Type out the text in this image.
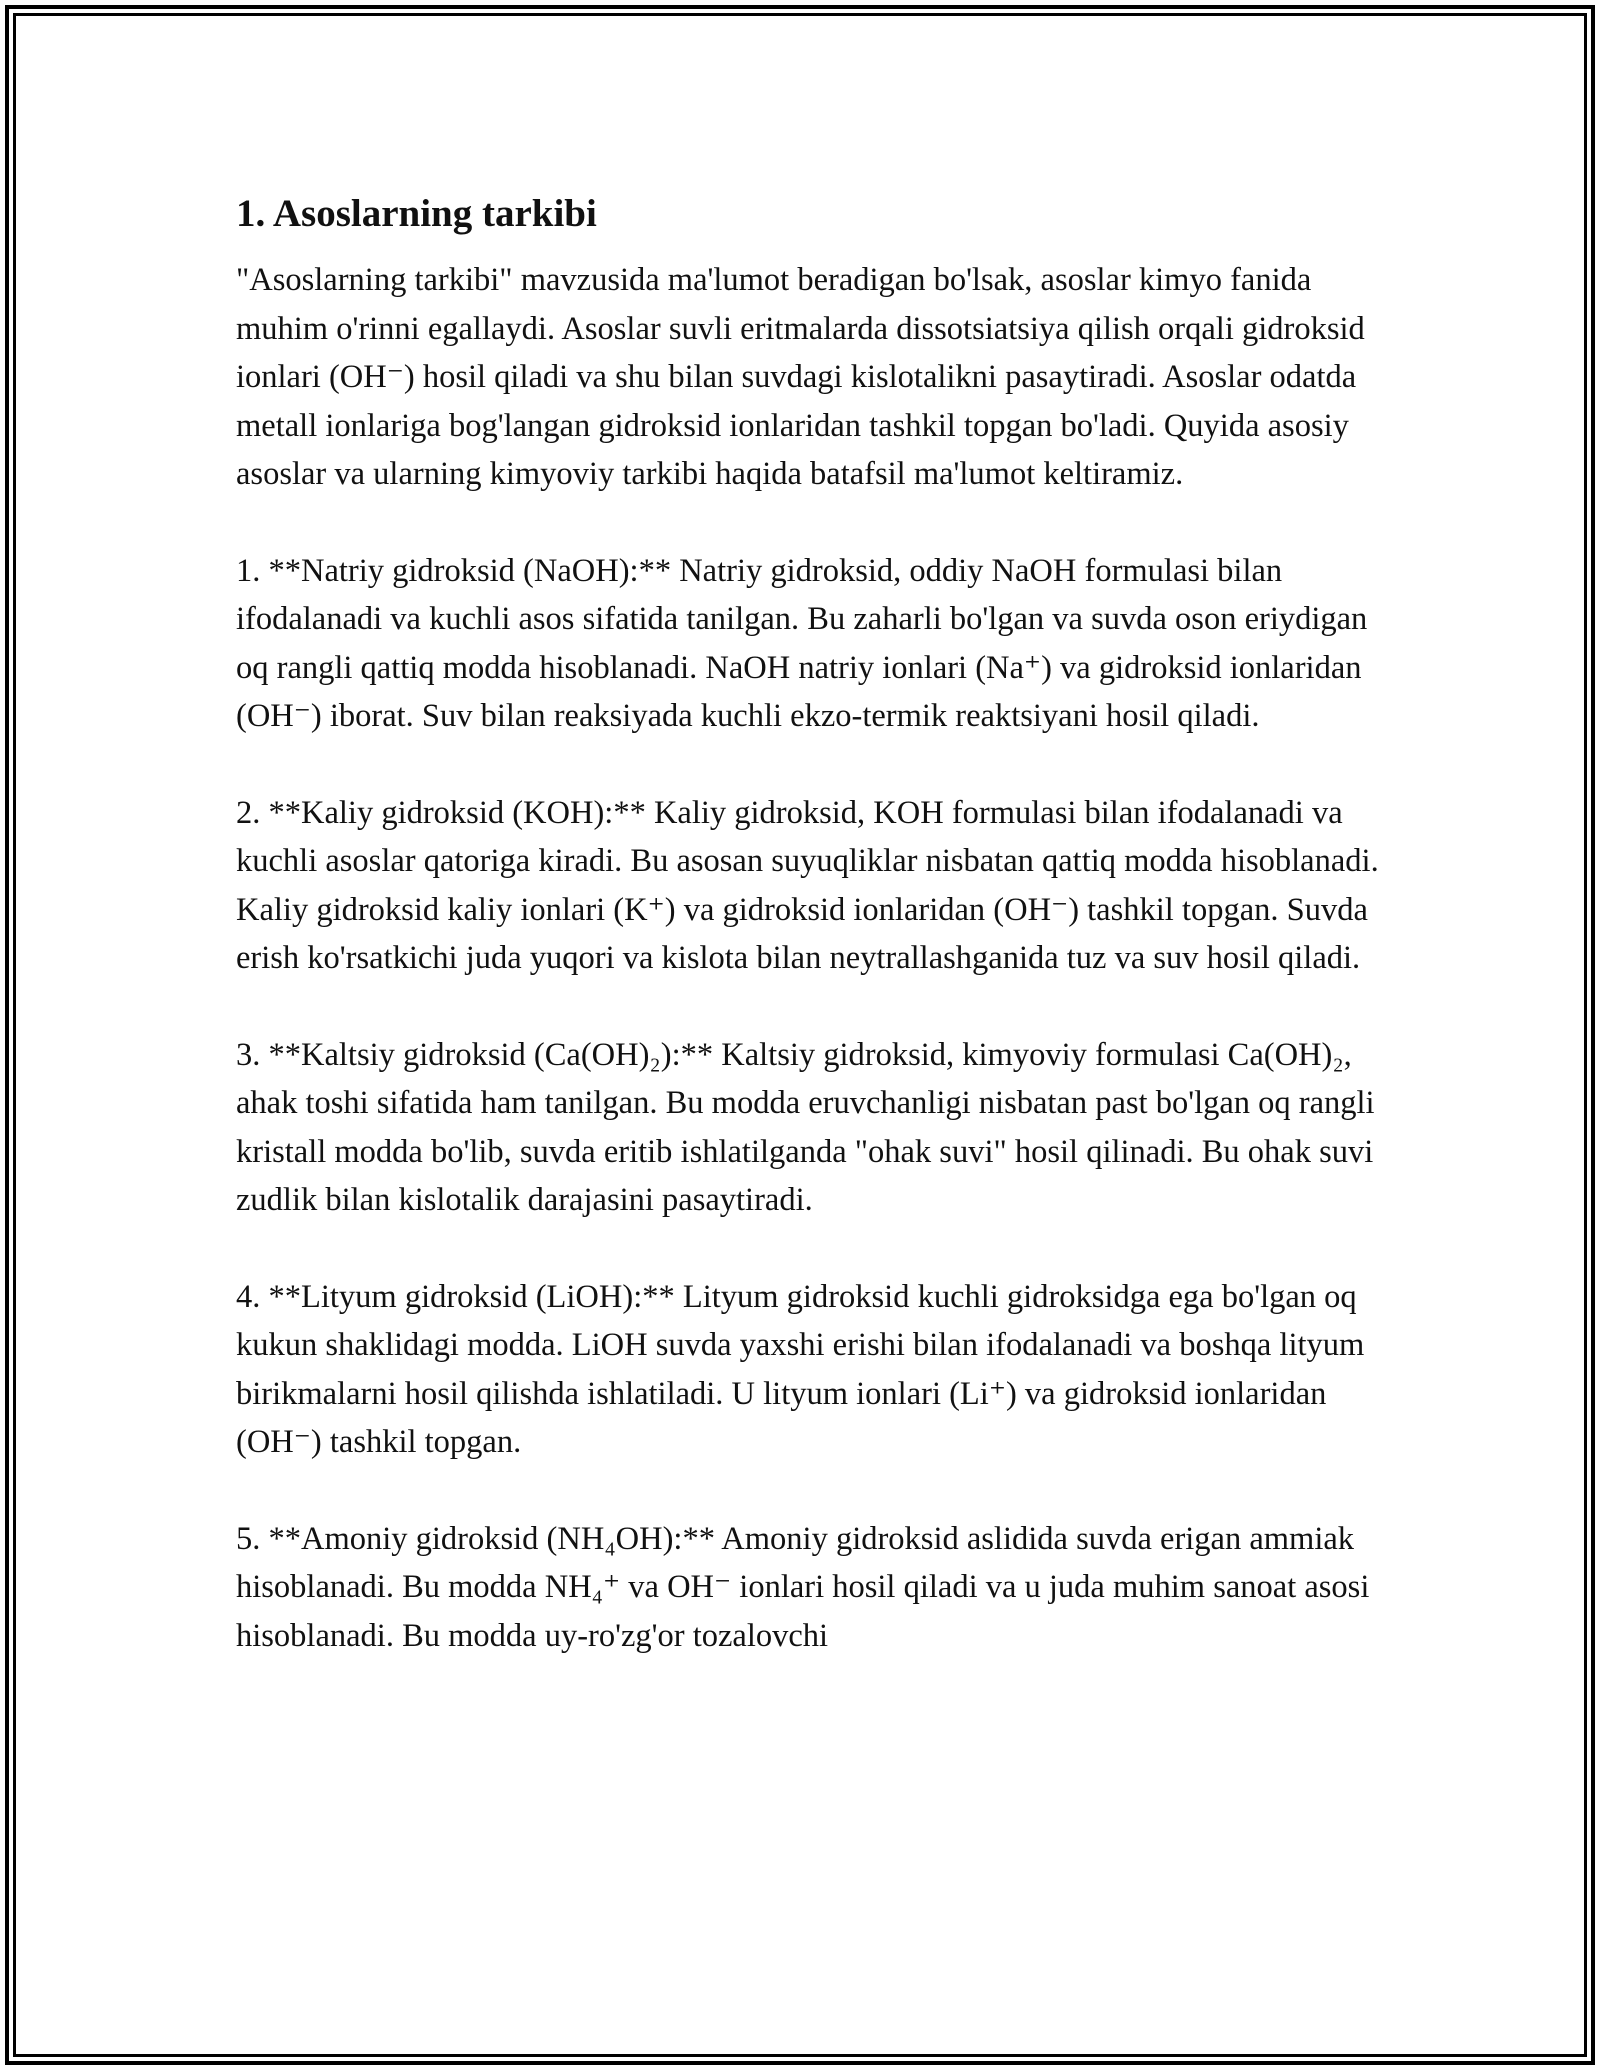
1. Asoslarning tarkibi

"Asoslarning tarkibi" mavzusida ma'lumot beradigan bo'lsak, asoslar kimyo fanida muhim o'rinni egallaydi. Asoslar suvli eritmalarda dissotsiatsiya qilish orqali gidroksid ionlari (OH⁻) hosil qiladi va shu bilan suvdagi kislotalikni pasaytiradi. Asoslar odatda metall ionlariga bog'langan gidroksid ionlaridan tashkil topgan bo'ladi. Quyida asosiy asoslar va ularning kimyoviy tarkibi haqida batafsil ma'lumot keltiramiz.

1. **Natriy gidroksid (NaOH):** Natriy gidroksid, oddiy NaOH formulasi bilan ifodalanadi va kuchli asos sifatida tanilgan. Bu zaharli bo'lgan va suvda oson eriydigan oq rangli qattiq modda hisoblanadi. NaOH natriy ionlari (Na⁺) va gidroksid ionlaridan (OH⁻) iborat. Suv bilan reaksiyada kuchli ekzo-termik reaktsiyani hosil qiladi.

2. **Kaliy gidroksid (KOH):** Kaliy gidroksid, KOH formulasi bilan ifodalanadi va kuchli asoslar qatoriga kiradi. Bu asosan suyuqliklar nisbatan qattiq modda hisoblanadi. Kaliy gidroksid kaliy ionlari (K⁺) va gidroksid ionlaridan (OH⁻) tashkil topgan. Suvda erish ko'rsatkichi juda yuqori va kislota bilan neytrallashganida tuz va suv hosil qiladi.

3. **Kaltsiy gidroksid (Ca(OH)₂):** Kaltsiy gidroksid, kimyoviy formulasi Ca(OH)₂, ahak toshi sifatida ham tanilgan. Bu modda eruvchanligi nisbatan past bo'lgan oq rangli kristall modda bo'lib, suvda eritib ishlatilganda "ohak suvi" hosil qilinadi. Bu ohak suvi zudlik bilan kislotalik darajasini pasaytiradi.

4. **Lityum gidroksid (LiOH):** Lityum gidroksid kuchli gidroksidga ega bo'lgan oq kukun shaklidagi modda. LiOH suvda yaxshi erishi bilan ifodalanadi va boshqa lityum birikmalarni hosil qilishda ishlatiladi. U lityum ionlari (Li⁺) va gidroksid ionlaridan (OH⁻) tashkil topgan.

5. **Amoniy gidroksid (NH₄OH):** Amoniy gidroksid aslidida suvda erigan ammiak hisoblanadi. Bu modda NH₄⁺ va OH⁻ ionlari hosil qiladi va u juda muhim sanoat asosi hisoblanadi. Bu modda uy-ro'zg'or tozalovchi
